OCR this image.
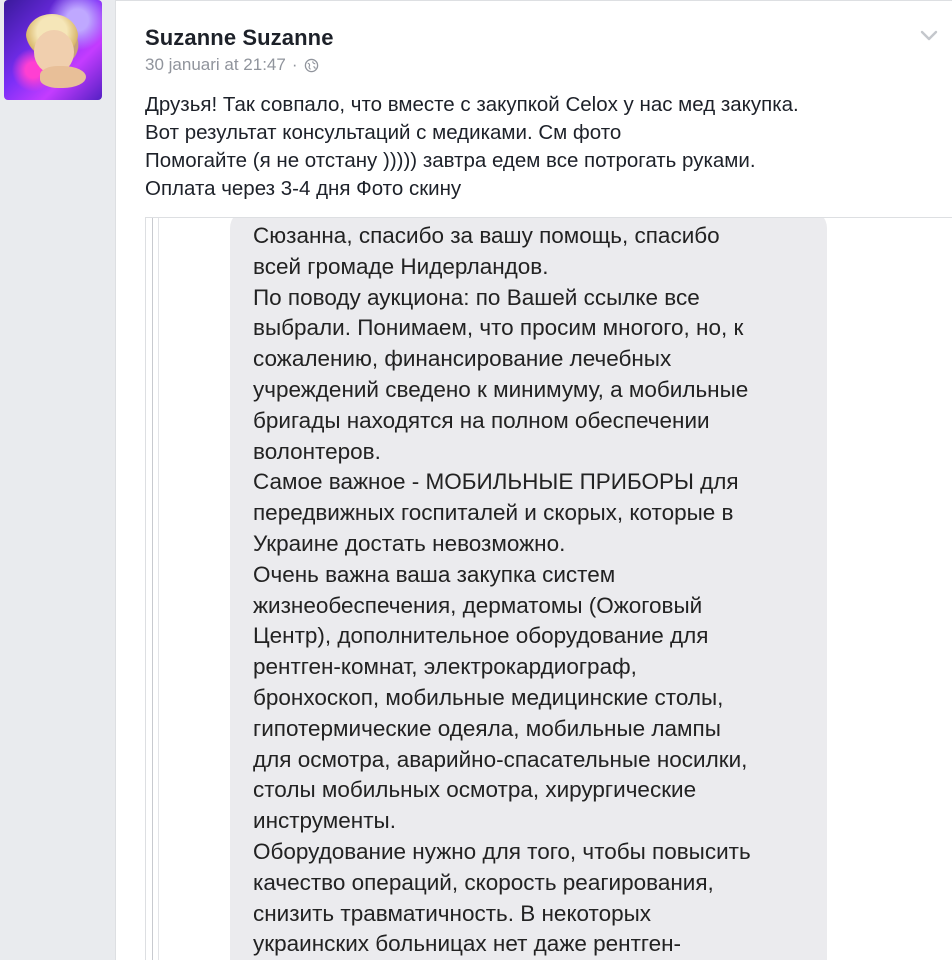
Suzanne Suzanne
30 januari at 21:47 ·
Друзья! Так совпало, что вместе с закупкой Celox у нас мед закупка.
Вот результат консультаций с медиками. См фото
Помогайте (я не отстану ))))) завтра едем все потрогать руками.
Оплата через 3-4 дня Фото скину
Сюзанна, спасибо за вашу помощь, спасибо
всей громаде Нидерландов.
По поводу аукциона: по Вашей ссылке все
выбрали. Понимаем, что просим многого, но, к
сожалению, финансирование лечебных
учреждений сведено к минимуму, а мобильные
бригады находятся на полном обеспечении
волонтеров.
Самое важное - МОБИЛЬНЫЕ ПРИБОРЫ для
передвижных госпиталей и скорых, которые в
Украине достать невозможно.
Очень важна ваша закупка систем
жизнеобеспечения, дерматомы (Ожоговый
Центр), дополнительное оборудование для
рентген-комнат, электрокардиограф,
бронхоскоп, мобильные медицинские столы,
гипотермические одеяла, мобильные лампы
для осмотра, аварийно-спасательные носилки,
столы мобильных осмотра, хирургические
инструменты.
Оборудование нужно для того, чтобы повысить
качество операций, скорость реагирования,
снизить травматичность. В некоторых
украинских больницах нет даже рентген-
